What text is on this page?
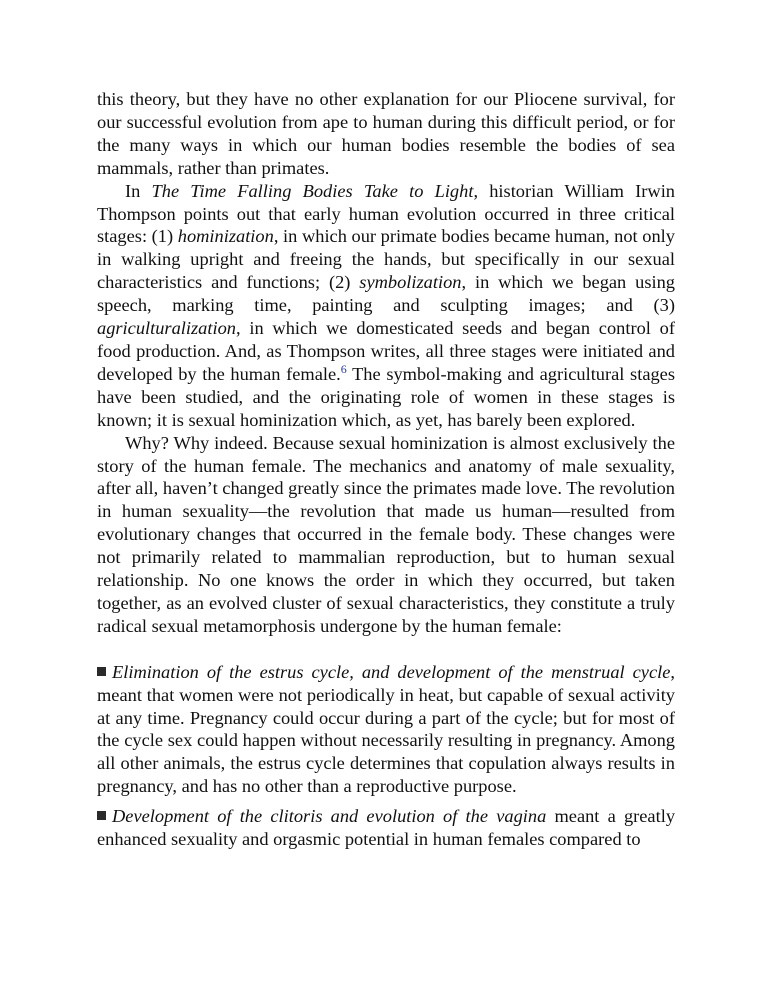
this theory, but they have no other explanation for our Pliocene survival, for our successful evolution from ape to human during this difficult period, or for the many ways in which our human bodies resemble the bodies of sea mammals, rather than primates.

In The Time Falling Bodies Take to Light, historian William Irwin Thompson points out that early human evolution occurred in three critical stages: (1) hominization, in which our primate bodies became human, not only in walking upright and freeing the hands, but specifically in our sexual characteristics and functions; (2) symbolization, in which we began using speech, marking time, painting and sculpting images; and (3) agriculturalization, in which we domesticated seeds and began control of food production. And, as Thompson writes, all three stages were initiated and developed by the human female.$^6$ The symbol-making and agricultural stages have been studied, and the originating role of women in these stages is known; it is sexual hominization which, as yet, has barely been explored.

Why? Why indeed. Because sexual hominization is almost exclusively the story of the human female. The mechanics and anatomy of male sexuality, after all, haven’t changed greatly since the primates made love. The revolution in human sexuality—the revolution that made us human—resulted from evolutionary changes that occurred in the female body. These changes were not primarily related to mammalian reproduction, but to human sexual relationship. No one knows the order in which they occurred, but taken together, as an evolved cluster of sexual characteristics, they constitute a truly radical sexual metamorphosis undergone by the human female:

Elimination of the estrus cycle, and development of the menstrual cycle, meant that women were not periodically in heat, but capable of sexual activity at any time. Pregnancy could occur during a part of the cycle; but for most of the cycle sex could happen without necessarily resulting in pregnancy. Among all other animals, the estrus cycle determines that copulation always results in pregnancy, and has no other than a reproductive purpose.

Development of the clitoris and evolution of the vagina meant a greatly enhanced sexuality and orgasmic potential in human females compared to
